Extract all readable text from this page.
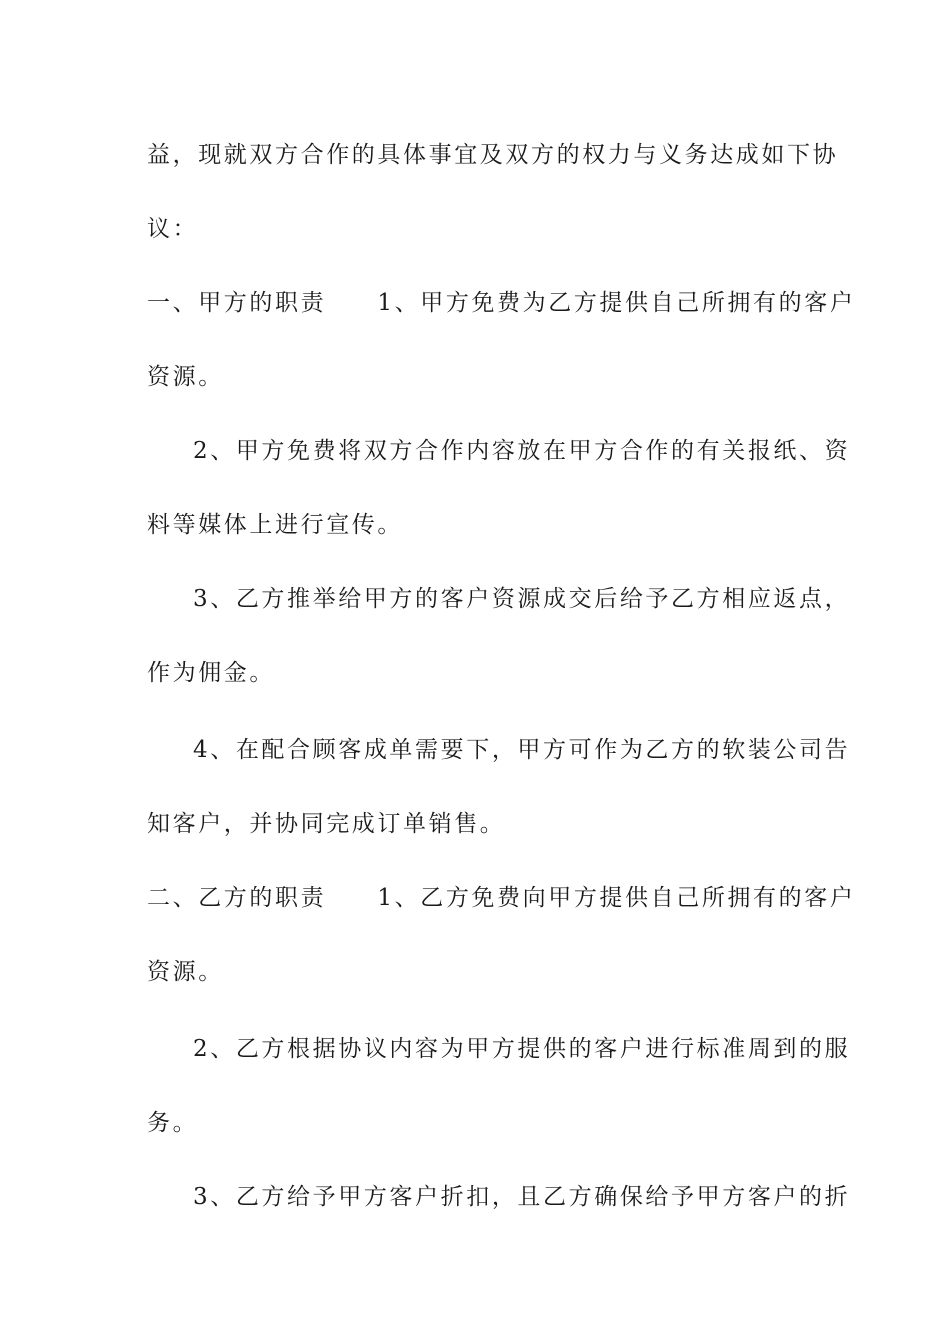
益，现就双方合作的具体事宜及双方的权力与义务达成如下协
议：
一、甲方的职责　　1、甲方免费为乙方提供自己所拥有的客户
资源。
2、甲方免费将双方合作内容放在甲方合作的有关报纸、资
料等媒体上进行宣传。
3、乙方推举给甲方的客户资源成交后给予乙方相应返点，
作为佣金。
4、在配合顾客成单需要下，甲方可作为乙方的软装公司告
知客户，并协同完成订单销售。
二、乙方的职责　　1、乙方免费向甲方提供自己所拥有的客户
资源。
2、乙方根据协议内容为甲方提供的客户进行标准周到的服
务。
3、乙方给予甲方客户折扣，且乙方确保给予甲方客户的折
